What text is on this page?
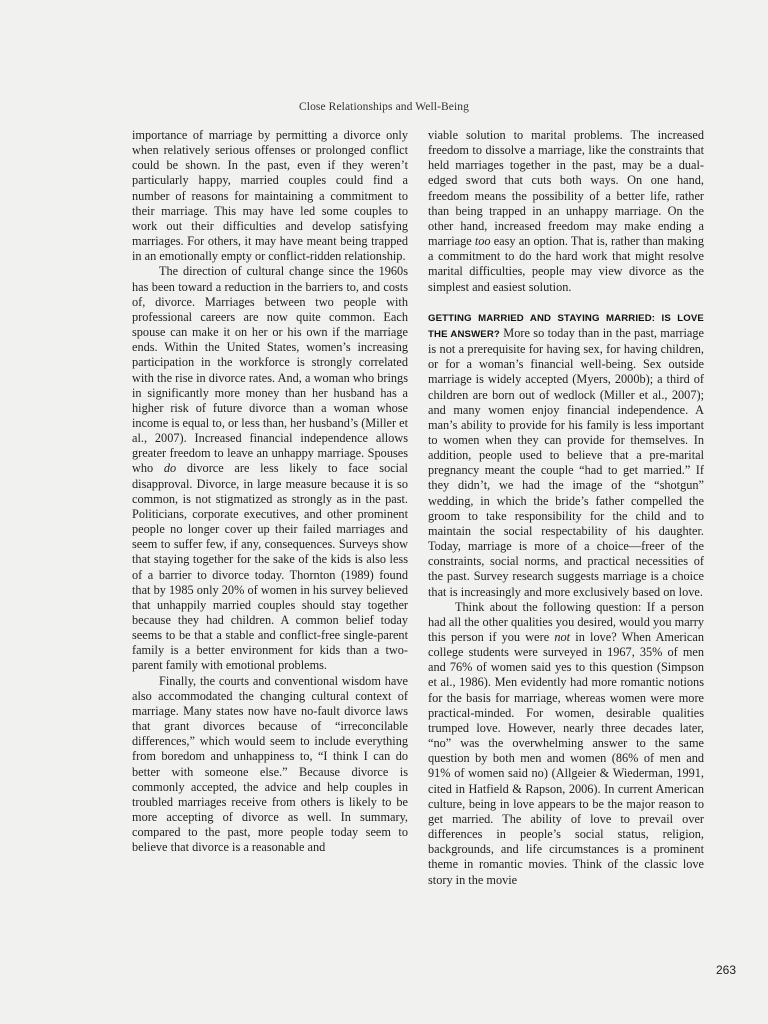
Close Relationships and Well-Being

importance of marriage by permitting a divorce only when relatively serious offenses or prolonged conflict could be shown. In the past, even if they weren’t particularly happy, married couples could find a number of reasons for maintaining a commitment to their marriage. This may have led some couples to work out their difficulties and develop satisfying marriages. For others, it may have meant being trapped in an emotionally empty or conflict-ridden relationship.

The direction of cultural change since the 1960s has been toward a reduction in the barriers to, and costs of, divorce. Marriages between two people with professional careers are now quite common. Each spouse can make it on her or his own if the marriage ends. Within the United States, women’s increasing participation in the workforce is strongly correlated with the rise in divorce rates. And, a woman who brings in significantly more money than her husband has a higher risk of future divorce than a woman whose income is equal to, or less than, her husband’s (Miller et al., 2007). Increased financial independence allows greater freedom to leave an unhappy marriage. Spouses who do divorce are less likely to face social disapproval. Divorce, in large measure because it is so common, is not stigmatized as strongly as in the past. Politicians, corporate executives, and other prominent people no longer cover up their failed marriages and seem to suffer few, if any, consequences. Surveys show that staying together for the sake of the kids is also less of a barrier to divorce today. Thornton (1989) found that by 1985 only 20% of women in his survey believed that unhappily married couples should stay together because they had children. A common belief today seems to be that a stable and conflict-free single-parent family is a better environment for kids than a two-parent family with emotional problems.

Finally, the courts and conventional wisdom have also accommodated the changing cultural context of marriage. Many states now have no-fault divorce laws that grant divorces because of “irreconcilable differences,” which would seem to include everything from boredom and unhappiness to, “I think I can do better with someone else.” Because divorce is commonly accepted, the advice and help couples in troubled marriages receive from others is likely to be more accepting of divorce as well. In summary, compared to the past, more people today seem to believe that divorce is a reasonable and

viable solution to marital problems. The increased freedom to dissolve a marriage, like the constraints that held marriages together in the past, may be a dual-edged sword that cuts both ways. On one hand, freedom means the possibility of a better life, rather than being trapped in an unhappy marriage. On the other hand, increased freedom may make ending a marriage too easy an option. That is, rather than making a commitment to do the hard work that might resolve marital difficulties, people may view divorce as the simplest and easiest solution.

GETTING MARRIED AND STAYING MARRIED: IS LOVE THE ANSWER? More so today than in the past, marriage is not a prerequisite for having sex, for having children, or for a woman’s financial well-being. Sex outside marriage is widely accepted (Myers, 2000b); a third of children are born out of wedlock (Miller et al., 2007); and many women enjoy financial independence. A man’s ability to provide for his family is less important to women when they can provide for themselves. In addition, people used to believe that a pre-marital pregnancy meant the couple “had to get married.” If they didn’t, we had the image of the “shotgun” wedding, in which the bride’s father compelled the groom to take responsibility for the child and to maintain the social respectability of his daughter. Today, marriage is more of a choice—freer of the constraints, social norms, and practical necessities of the past. Survey research suggests marriage is a choice that is increasingly and more exclusively based on love.

Think about the following question: If a person had all the other qualities you desired, would you marry this person if you were not in love? When American college students were surveyed in 1967, 35% of men and 76% of women said yes to this question (Simpson et al., 1986). Men evidently had more romantic notions for the basis for marriage, whereas women were more practical-minded. For women, desirable qualities trumped love. However, nearly three decades later, “no” was the overwhelming answer to the same question by both men and women (86% of men and 91% of women said no) (Allgeier & Wiederman, 1991, cited in Hatfield & Rapson, 2006). In current American culture, being in love appears to be the major reason to get married. The ability of love to prevail over differences in people’s social status, religion, backgrounds, and life circumstances is a prominent theme in romantic movies. Think of the classic love story in the movie

263
